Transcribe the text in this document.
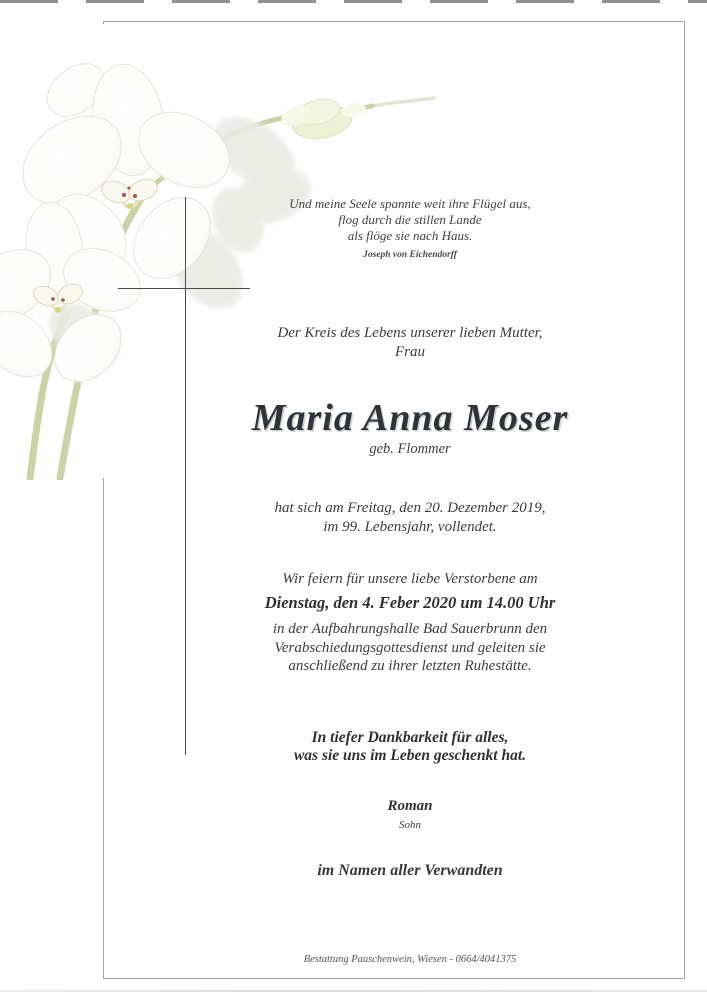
Und meine Seele spannte weit ihre Flügel aus,
flog durch die stillen Lande
als flöge sie nach Haus.
Joseph von Eichendorff
Der Kreis des Lebens unserer lieben Mutter,
Frau
Maria Anna Moser
geb. Flommer
hat sich am Freitag, den 20. Dezember 2019,
im 99. Lebensjahr, vollendet.
Wir feiern für unsere liebe Verstorbene am
Dienstag, den 4. Feber 2020 um 14.00 Uhr
in der Aufbahrungshalle Bad Sauerbrunn den
Verabschiedungsgottesdienst und geleiten sie
anschließend zu ihrer letzten Ruhestätte.
In tiefer Dankbarkeit für alles,
was sie uns im Leben geschenkt hat.
Roman
Sohn
im Namen aller Verwandten
Bestattung Pauschenwein, Wiesen - 0664/4041375
